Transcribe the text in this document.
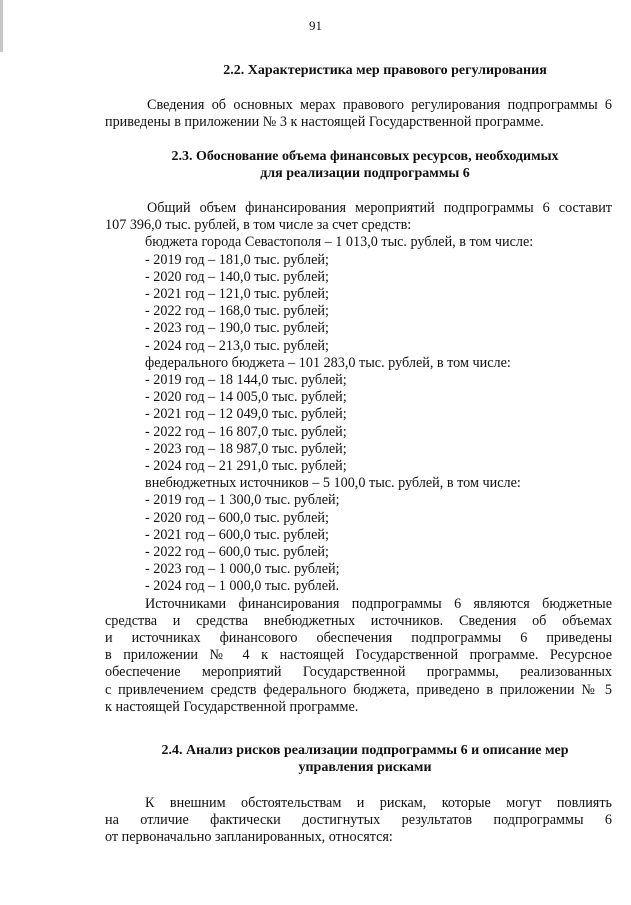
91
2.2. Характеристика мер правового регулирования

Сведения об основных мерах правового регулирования подпрограммы 6

приведены в приложении № 3 к настоящей Государственной программе.

2.3. Обоснование объема финансовых ресурсов, необходимых

для реализации подпрограммы 6

Общий объем финансирования мероприятий подпрограммы 6 составит

107 396,0 тыс. рублей, в том числе за счет средств:

бюджета города Севастополя – 1 013,0 тыс. рублей, в том числе:

- 2019 год – 181,0 тыс. рублей;

- 2020 год – 140,0 тыс. рублей;

- 2021 год – 121,0 тыс. рублей;

- 2022 год – 168,0 тыс. рублей;

- 2023 год – 190,0 тыс. рублей;

- 2024 год – 213,0 тыс. рублей;

федерального бюджета – 101 283,0 тыс. рублей, в том числе:

- 2019 год – 18 144,0 тыс. рублей;

- 2020 год – 14 005,0 тыс. рублей;

- 2021 год – 12 049,0 тыс. рублей;

- 2022 год – 16 807,0 тыс. рублей;

- 2023 год – 18 987,0 тыс. рублей;

- 2024 год – 21 291,0 тыс. рублей;

внебюджетных источников – 5 100,0 тыс. рублей, в том числе:

- 2019 год – 1 300,0 тыс. рублей;

- 2020 год – 600,0 тыс. рублей;

- 2021 год – 600,0 тыс. рублей;

- 2022 год – 600,0 тыс. рублей;

- 2023 год – 1 000,0 тыс. рублей;

- 2024 год – 1 000,0 тыс. рублей.

Источниками финансирования подпрограммы 6 являются бюджетные

средства и средства внебюджетных источников. Сведения об объемах

и источниках финансового обеспечения подпрограммы 6 приведены

в приложении № 4 к настоящей Государственной программе. Ресурсное

обеспечение мероприятий Государственной программы, реализованных

с привлечением средств федерального бюджета, приведено в приложении № 5

к настоящей Государственной программе.

2.4. Анализ рисков реализации подпрограммы 6 и описание мер

управления рисками

К внешним обстоятельствам и рискам, которые могут повлиять

на отличие фактически достигнутых результатов подпрограммы 6

от первоначально запланированных, относятся:
